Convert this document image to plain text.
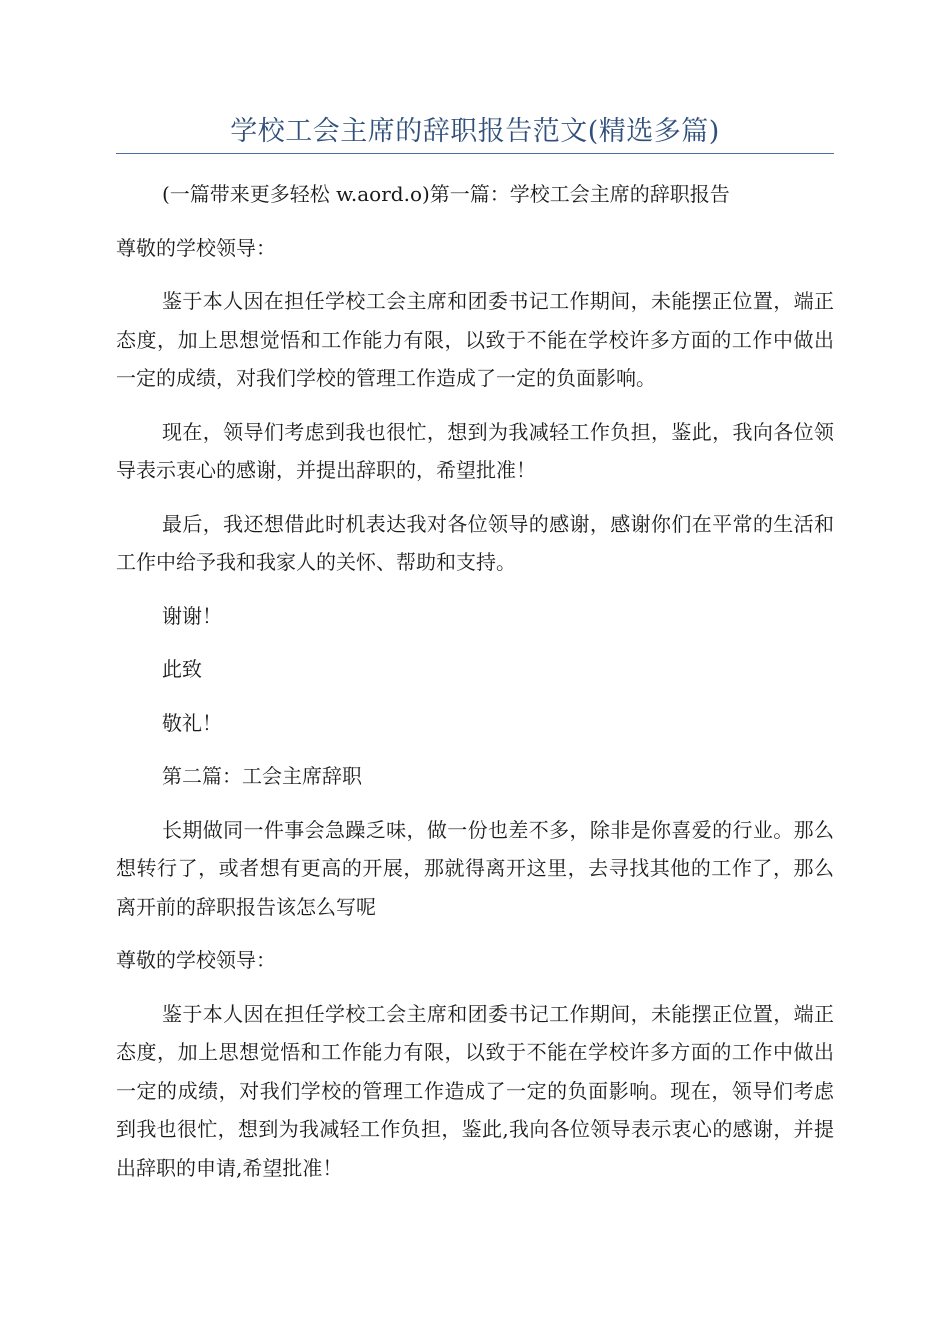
学校工会主席的辞职报告范文(精选多篇)

(一篇带来更多轻松 w.aord.o)第一篇：学校工会主席的辞职报告

尊敬的学校领导：

鉴于本人因在担任学校工会主席和团委书记工作期间，未能摆正位置，端正态度，加上思想觉悟和工作能力有限，以致于不能在学校许多方面的工作中做出一定的成绩，对我们学校的管理工作造成了一定的负面影响。

现在，领导们考虑到我也很忙，想到为我减轻工作负担，鉴此，我向各位领导表示衷心的感谢，并提出辞职的，希望批准！

最后，我还想借此时机表达我对各位领导的感谢，感谢你们在平常的生活和工作中给予我和我家人的关怀、帮助和支持。

谢谢！

此致

敬礼！

第二篇：工会主席辞职

长期做同一件事会急躁乏味，做一份也差不多，除非是你喜爱的行业。那么想转行了，或者想有更高的开展，那就得离开这里，去寻找其他的工作了，那么离开前的辞职报告该怎么写呢

尊敬的学校领导：

鉴于本人因在担任学校工会主席和团委书记工作期间，未能摆正位置，端正态度，加上思想觉悟和工作能力有限，以致于不能在学校许多方面的工作中做出一定的成绩，对我们学校的管理工作造成了一定的负面影响。现在，领导们考虑到我也很忙，想到为我减轻工作负担，鉴此,我向各位领导表示衷心的感谢，并提出辞职的申请,希望批准！
